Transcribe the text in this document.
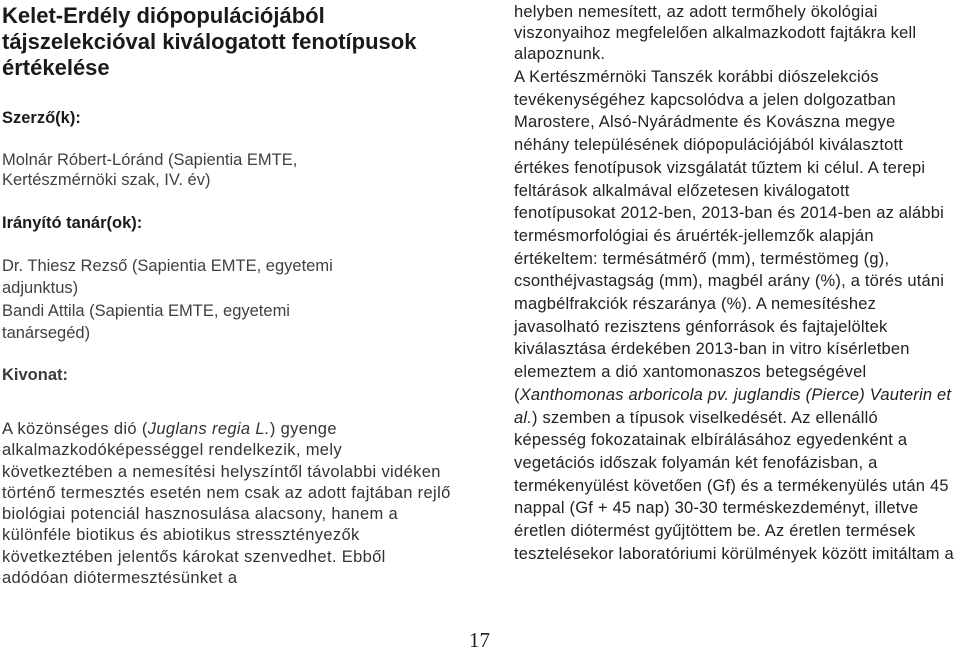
Kelet-Erdély diópopulációjából tájszelekcióval kiválogatott fenotípusok értékelése

Szerző(k):

Molnár Róbert-Lóránd (Sapientia EMTE,

Kertészmérnöki szak, IV. év)

Irányító tanár(ok):

Dr. Thiesz Rezső (Sapientia EMTE, egyetemi

adjunktus)

Bandi Attila (Sapientia EMTE, egyetemi

tanársegéd)

Kivonat:

A közönséges dió (Juglans regia L.) gyenge alkalmazkodóképességgel rendelkezik, mely következtében a nemesítési helyszíntől távolabbi vidéken történő termesztés esetén nem csak az adott fajtában rejlő biológiai potenciál hasznosulása alacsony, hanem a különféle biotikus és abiotikus stressztényezők következtében jelentős károkat szenvedhet. Ebből adódóan diótermesztésünket a

helyben nemesített, az adott termőhely ökológiai viszonyaihoz megfelelően alkalmazkodott fajtákra kell alapoznunk.

A Kertészmérnöki Tanszék korábbi diószelekciós tevékenységéhez kapcsolódva a jelen dolgozatban Marostere, Alsó-Nyárádmente és Kovászna megye néhány településének diópopulációjából kiválasztott értékes fenotípusok vizsgálatát tűztem ki célul. A terepi feltárások alkalmával előzetesen kiválogatott fenotípusokat 2012-ben, 2013-ban és 2014-ben az alábbi termésmorfológiai és áruérték-jellemzők alapján értékeltem: termésátmérő (mm), terméstömeg (g), csonthéjvastagság (mm), magbél arány (%), a törés utáni magbélfrakciók részaránya (%). A nemesítéshez javasolható rezisztens génforrások és fajtajelöltek kiválasztása érdekében 2013-ban in vitro kísérletben elemeztem a dió xantomonaszos betegségével (Xanthomonas arboricola pv. juglandis (Pierce) Vauterin et al.) szemben a típusok viselkedését. Az ellenálló képesség fokozatainak elbírálásához egyedenként a vegetációs időszak folyamán két fenofázisban, a termékenyülést követően (Gf) és a termékenyülés után 45 nappal (Gf + 45 nap) 30-30 terméskezdeményt, illetve éretlen diótermést gyűjtöttem be. Az éretlen termések tesztelésekor laboratóriumi körülmények között imitáltam a

17
